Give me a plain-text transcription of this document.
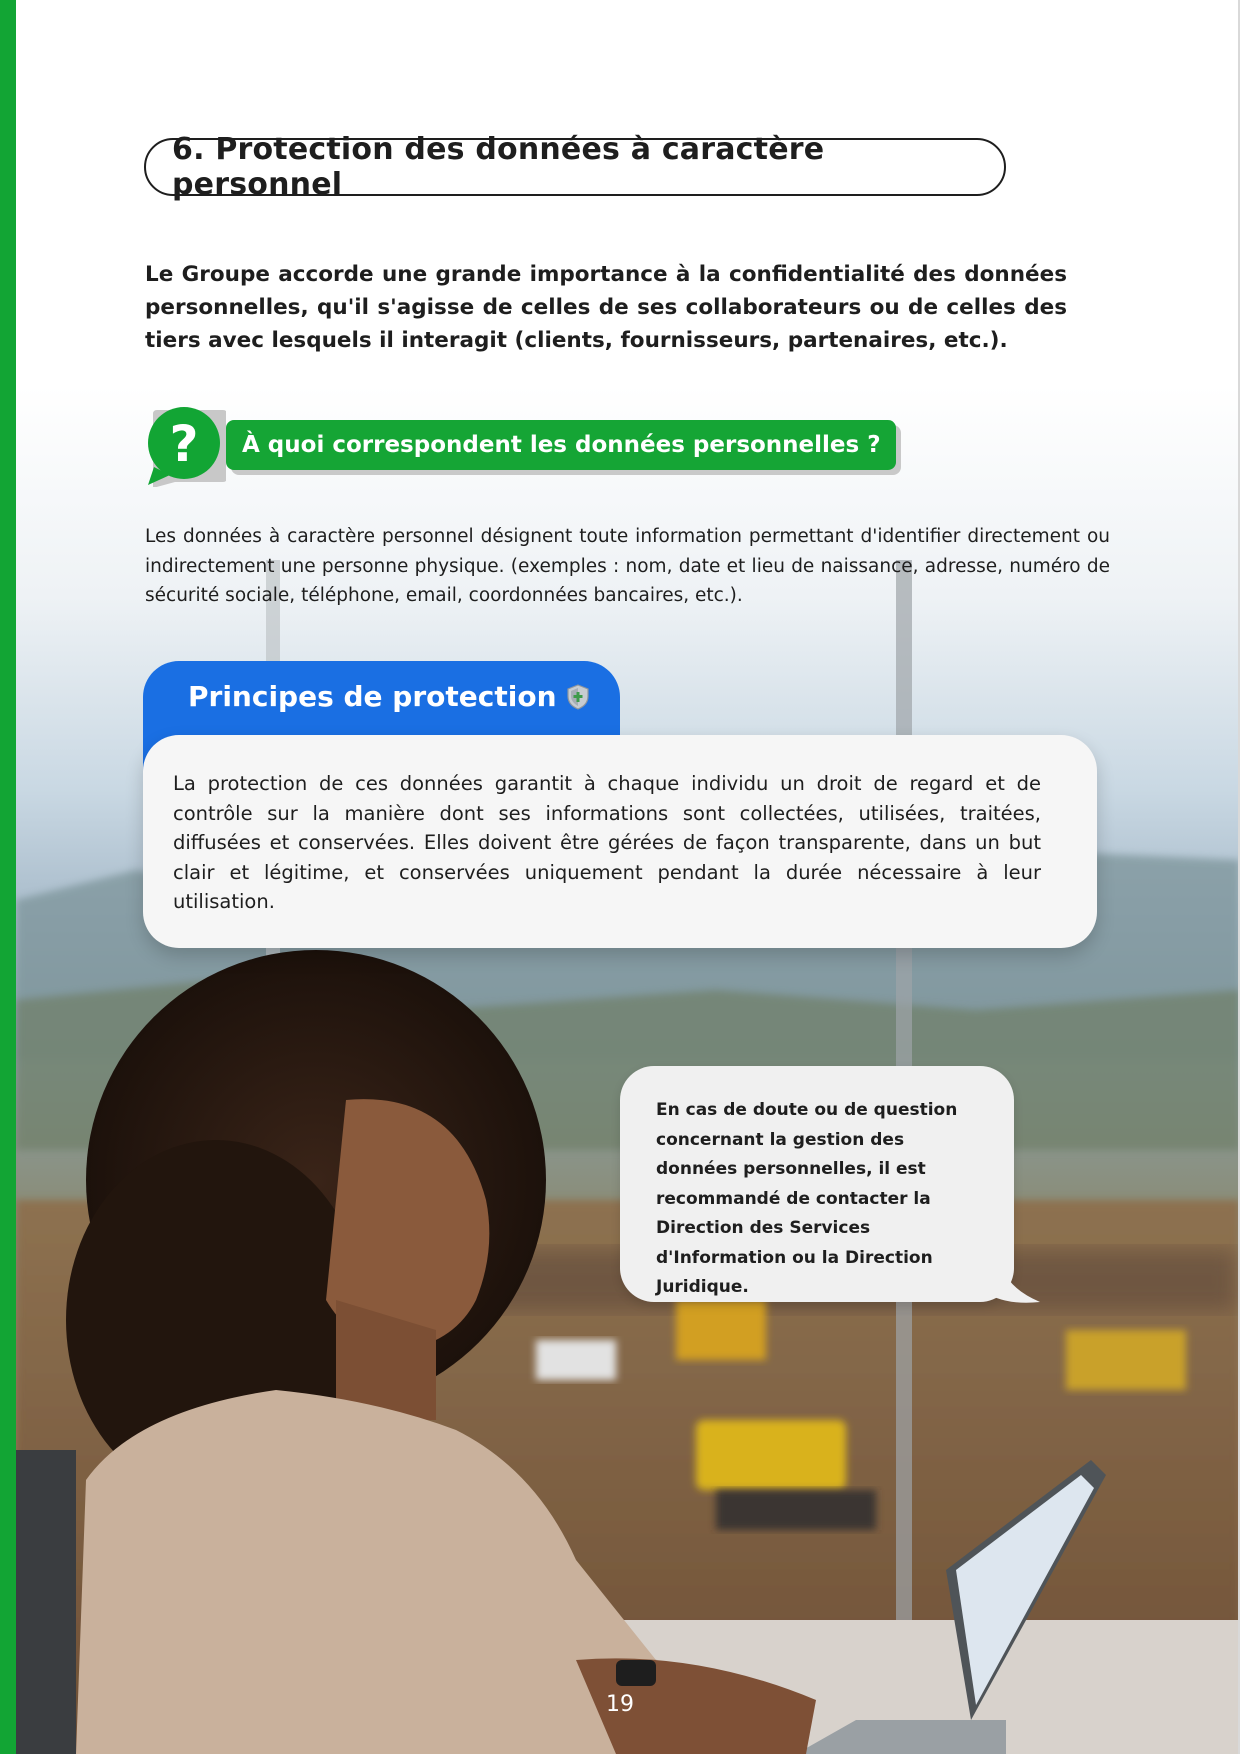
6. Protection des données à caractère personnel
Le Groupe accorde une grande importance à la confidentialité des données personnelles, qu'il s'agisse de celles de ses collaborateurs ou de celles des tiers avec lesquels il interagit (clients, fournisseurs, partenaires, etc.).
? À quoi correspondent les données personnelles ?
Les données à caractère personnel désignent toute information permettant d'identifier directement ou indirectement une personne physique. (exemples : nom, date et lieu de naissance, adresse, numéro de sécurité sociale, téléphone, email, coordonnées bancaires, etc.).
Principes de protection

La protection de ces données garantit à chaque individu un droit de regard et de contrôle sur la manière dont ses informations sont collectées, utilisées, traitées, diffusées et conservées. Elles doivent être gérées de façon transparente, dans un but clair et légitime, et conservées uniquement pendant la durée nécessaire à leur utilisation.

En cas de doute ou de question concernant la gestion des données personnelles, il est recommandé de contacter la Direction des Services d'Information ou la Direction Juridique.

19
